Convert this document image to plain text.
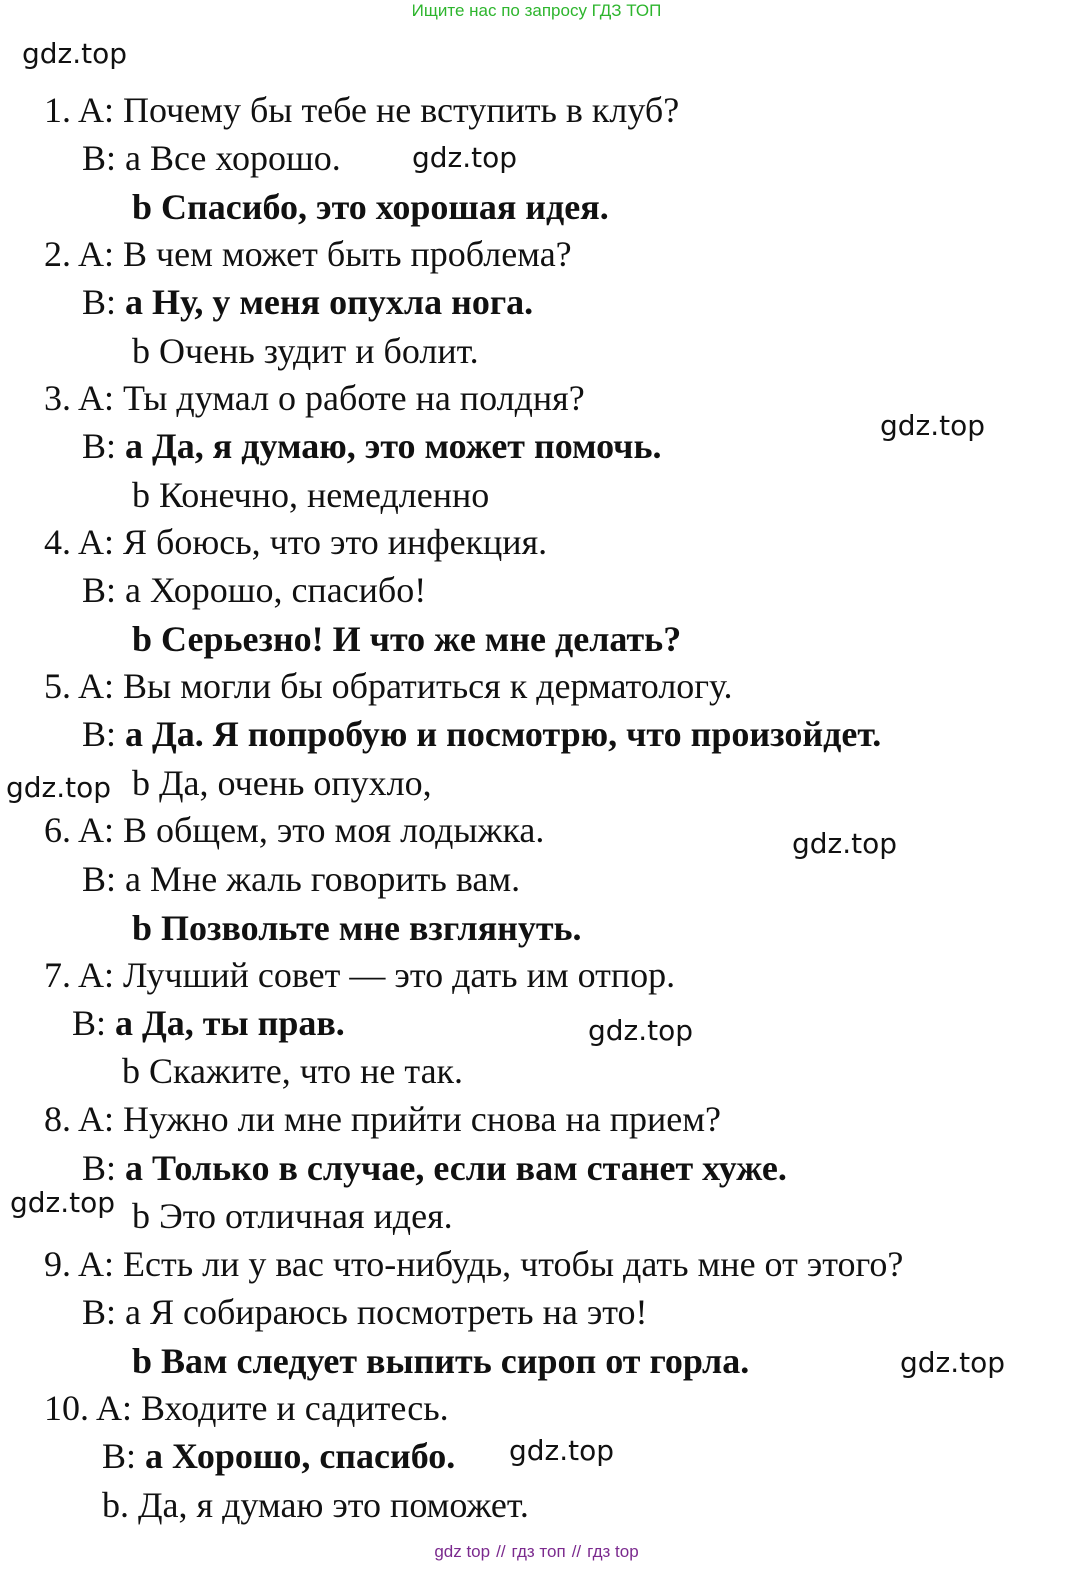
Ищите нас по запросу ГДЗ ТОП
gdz.top
gdz.top
gdz.top
gdz.top
gdz.top
gdz.top
gdz.top
gdz.top
gdz.top
1. A: Почему бы тебе не вступить в клуб?
B: a Все хорошо.
b Спасибо, это хорошая идея.
2. A: В чем может быть проблема?
B: a Ну, у меня опухла нога.
b Очень зудит и болит.
3. A: Ты думал о работе на полдня?
B: a Да, я думаю, это может помочь.
b Конечно, немедленно
4. A: Я боюсь, что это инфекция.
B: a Хорошо, спасибо!
b Серьезно! И что же мне делать?
5. A: Вы могли бы обратиться к дерматологу.
B: a Да. Я попробую и посмотрю, что произойдет.
b Да, очень опухло,
6. A: В общем, это моя лодыжка.
B: a Мне жаль говорить вам.
b Позвольте мне взглянуть.
7. A: Лучший совет — это дать им отпор.
B: a Да, ты прав.
b Скажите, что не так.
8. A: Нужно ли мне прийти снова на прием?
B: a Только в случае, если вам станет хуже.
b Это отличная идея.
9. A: Есть ли у вас что-нибудь, чтобы дать мне от этого?
B: a Я собираюсь посмотреть на это!
b Вам следует выпить сироп от горла.
10. A: Входите и садитесь.
B: a Хорошо, спасибо.
b. Да, я думаю это поможет.
gdz top // гдз топ // гдз top
